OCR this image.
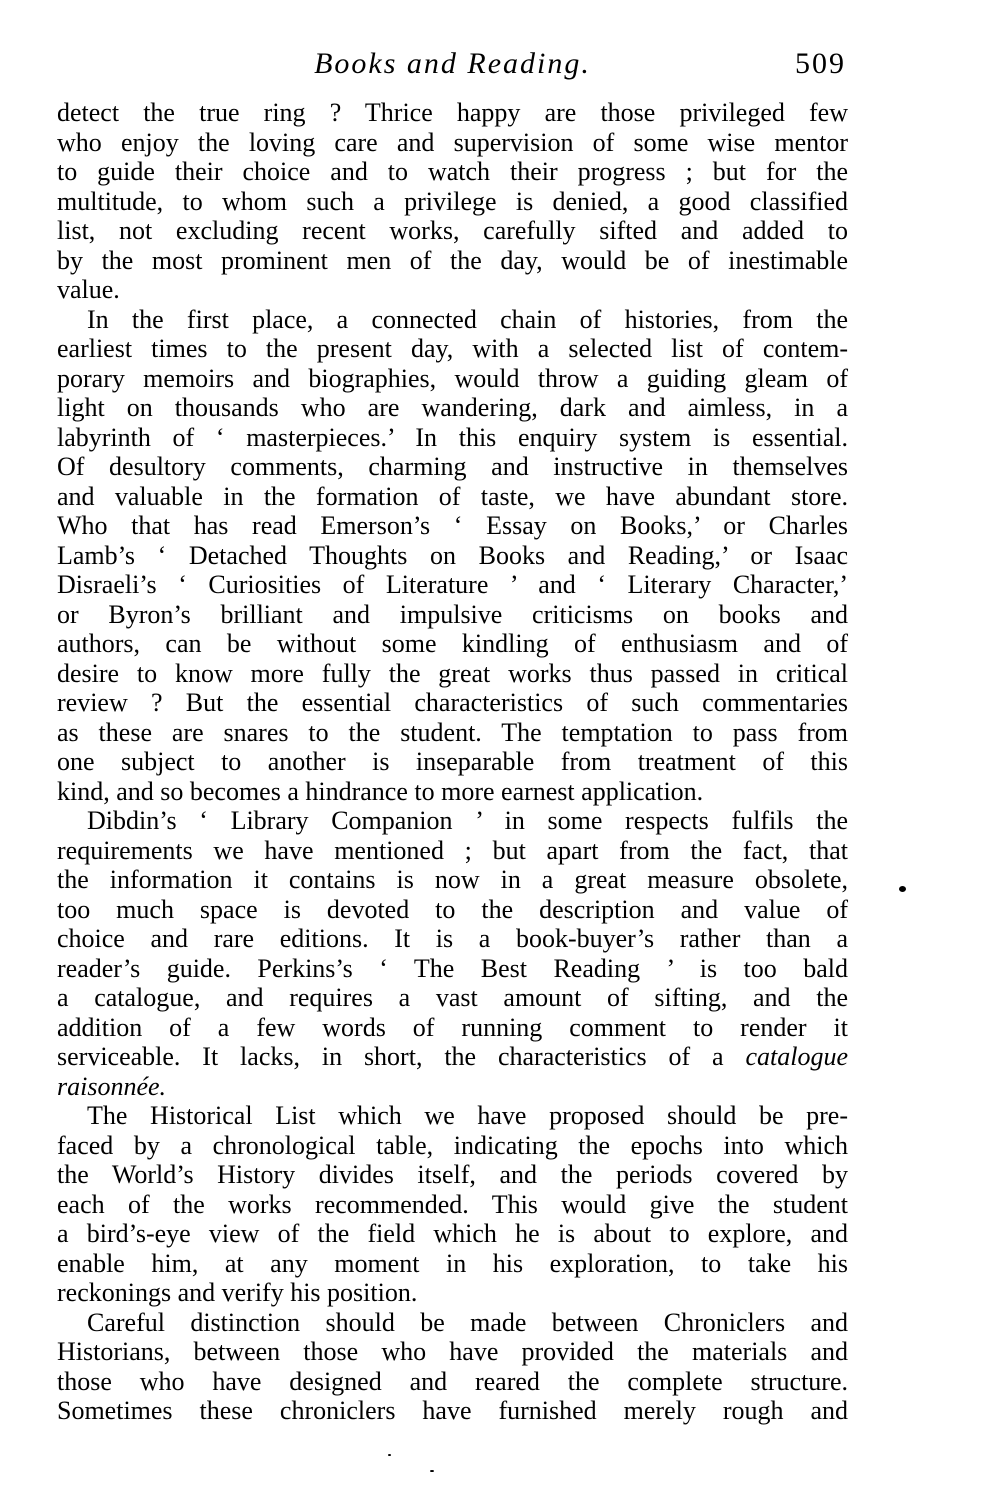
Books and Reading.	509
detect the true ring ? Thrice happy are those privileged few
who enjoy the loving care and supervision of some wise mentor
to guide their choice and to watch their progress ; but for the
multitude, to whom such a privilege is denied, a good classified
list, not excluding recent works, carefully sifted and added to
by the most prominent men of the day, would be of inestimable
value.
In the first place, a connected chain of histories, from the
earliest times to the present day, with a selected list of contem-
porary memoirs and biographies, would throw a guiding gleam of
light on thousands who are wandering, dark and aimless, in a
labyrinth of ‘ masterpieces.’ In this enquiry system is essential.
Of desultory comments, charming and instructive in themselves
and valuable in the formation of taste, we have abundant store.
Who that has read Emerson’s ‘ Essay on Books,’ or Charles
Lamb’s ‘ Detached Thoughts on Books and Reading,’ or Isaac
Disraeli’s ‘ Curiosities of Literature ’ and ‘ Literary Character,’
or Byron’s brilliant and impulsive criticisms on books and
authors, can be without some kindling of enthusiasm and of
desire to know more fully the great works thus passed in critical
review ? But the essential characteristics of such commentaries
as these are snares to the student. The temptation to pass from
one subject to another is inseparable from treatment of this
kind, and so becomes a hindrance to more earnest application.
Dibdin’s ‘ Library Companion ’ in some respects fulfils the
requirements we have mentioned ; but apart from the fact, that
the information it contains is now in a great measure obsolete,
too much space is devoted to the description and value of
choice and rare editions. It is a book-buyer’s rather than a
reader’s guide. Perkins’s ‘ The Best Reading ’ is too bald
a catalogue, and requires a vast amount of sifting, and the
addition of a few words of running comment to render it
serviceable. It lacks, in short, the characteristics of a catalogue
raisonnée.
The Historical List which we have proposed should be pre-
faced by a chronological table, indicating the epochs into which
the World’s History divides itself, and the periods covered by
each of the works recommended. This would give the student
a bird’s-eye view of the field which he is about to explore, and
enable him, at any moment in his exploration, to take his
reckonings and verify his position.
Careful distinction should be made between Chroniclers and
Historians, between those who have provided the materials and
those who have designed and reared the complete structure.
Sometimes these chroniclers have furnished merely rough and
